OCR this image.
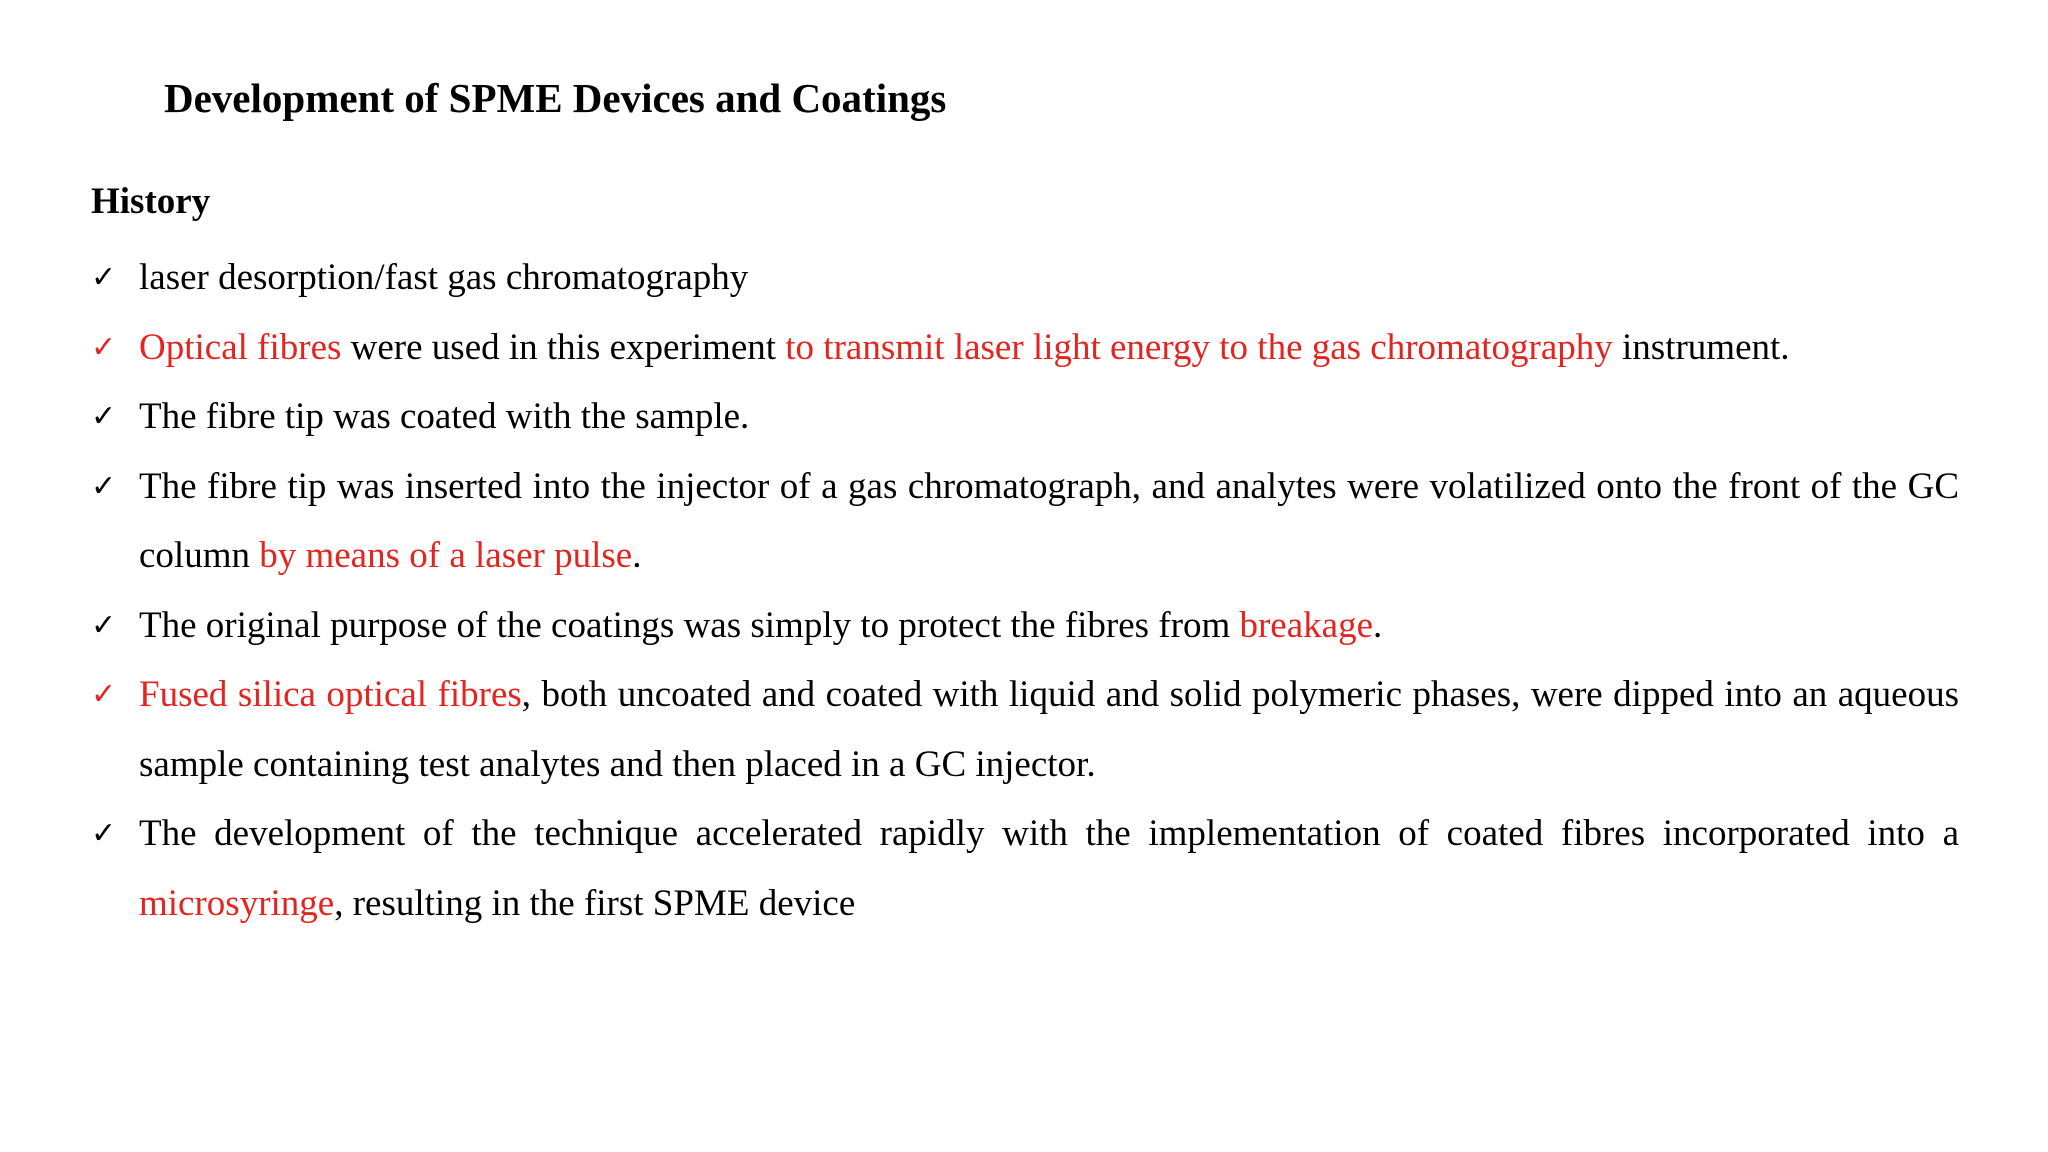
Development of SPME Devices and Coatings
History
✓ laser desorption/fast gas chromatography
✓ Optical fibres were used in this experiment to transmit laser light energy to the gas chromatography instrument.
✓ The fibre tip was coated with the sample.
✓ The fibre tip was inserted into the injector of a gas chromatograph, and analytes were volatilized onto the front of the GC column by means of a laser pulse.
✓ The original purpose of the coatings was simply to protect the fibres from breakage.
✓ Fused silica optical fibres, both uncoated and coated with liquid and solid polymeric phases, were dipped into an aqueous sample containing test analytes and then placed in a GC injector.
✓ The development of the technique accelerated rapidly with the implementation of coated fibres incorporated into a microsyringe, resulting in the first SPME device
